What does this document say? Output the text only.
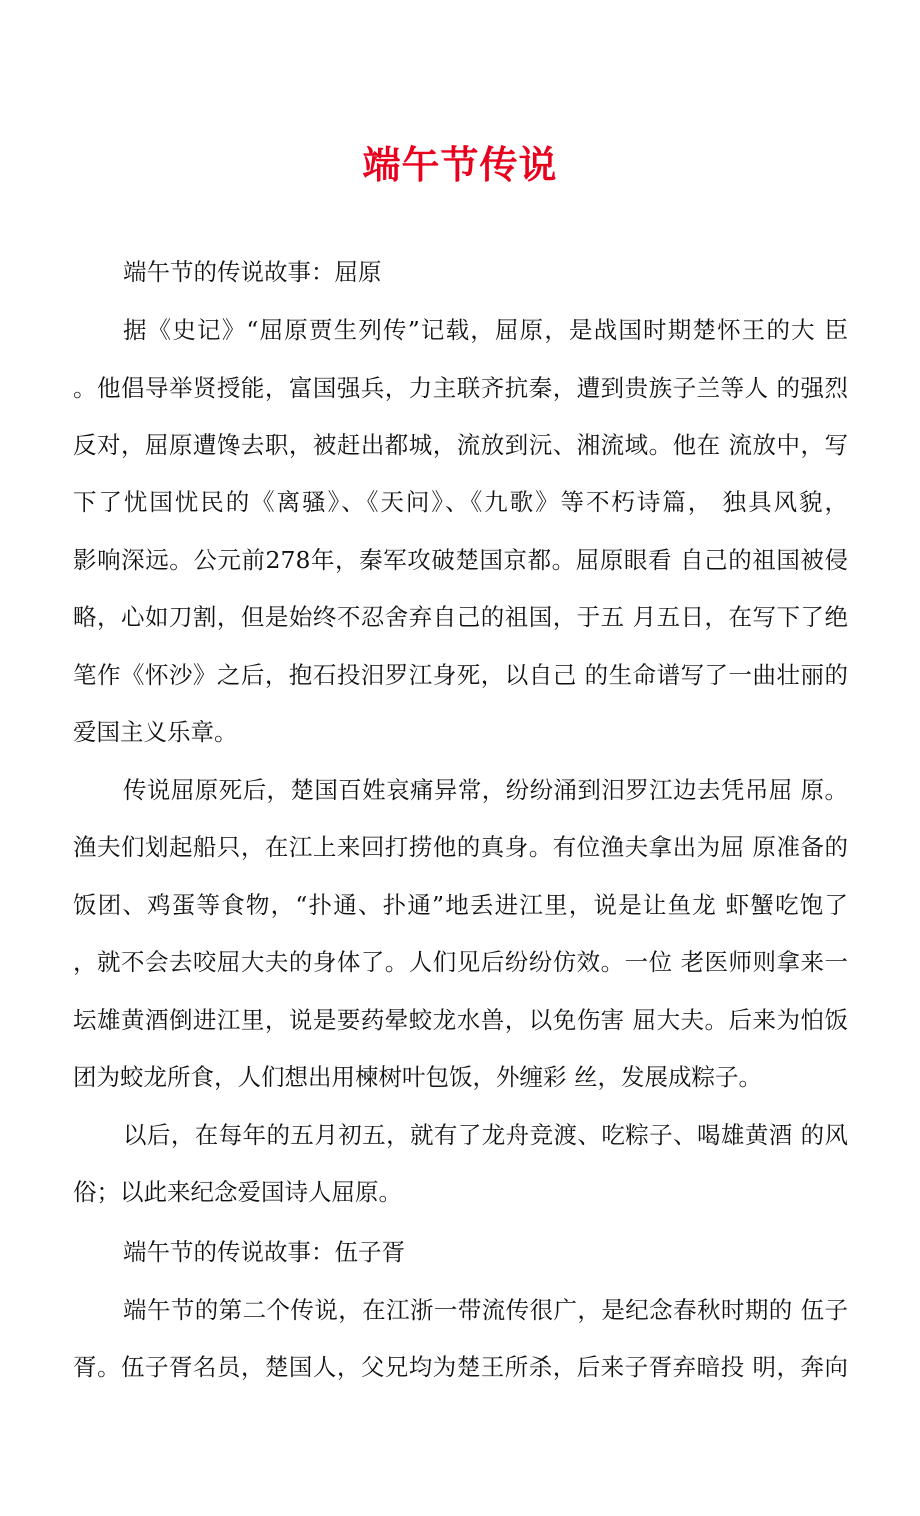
端午节传说

端午节的传说故事：屈原

据《史记》“屈原贾生列传”记载，屈原，是战国时期楚怀王的大 臣

。他倡导举贤授能，富国强兵，力主联齐抗秦，遭到贵族子兰等人 的强烈

反对，屈原遭馋去职，被赶出都城，流放到沅、湘流域。他在 流放中，写

下了忧国忧民的《离骚》、《天问》、《九歌》等不朽诗篇， 独具风貌，

影响深远。公元前278年，秦军攻破楚国京都。屈原眼看 自己的祖国被侵

略，心如刀割，但是始终不忍舍弃自己的祖国，于五 月五日，在写下了绝

笔作《怀沙》之后，抱石投汨罗江身死，以自己 的生命谱写了一曲壮丽的

爱国主义乐章。

传说屈原死后，楚国百姓哀痛异常，纷纷涌到汨罗江边去凭吊屈 原。

渔夫们划起船只，在江上来回打捞他的真身。有位渔夫拿出为屈 原准备的

饭团、鸡蛋等食物，“扑通、扑通”地丢进江里，说是让鱼龙 虾蟹吃饱了

，就不会去咬屈大夫的身体了。人们见后纷纷仿效。一位 老医师则拿来一

坛雄黄酒倒进江里，说是要药晕蛟龙水兽，以免伤害 屈大夫。后来为怕饭

团为蛟龙所食，人们想出用楝树叶包饭，外缠彩 丝，发展成粽子。

以后，在每年的五月初五，就有了龙舟竞渡、吃粽子、喝雄黄酒 的风

俗；以此来纪念爱国诗人屈原。

端午节的传说故事：伍子胥

端午节的第二个传说，在江浙一带流传很广，是纪念春秋时期的 伍子

胥。伍子胥名员，楚国人，父兄均为楚王所杀，后来子胥弃暗投 明，奔向
